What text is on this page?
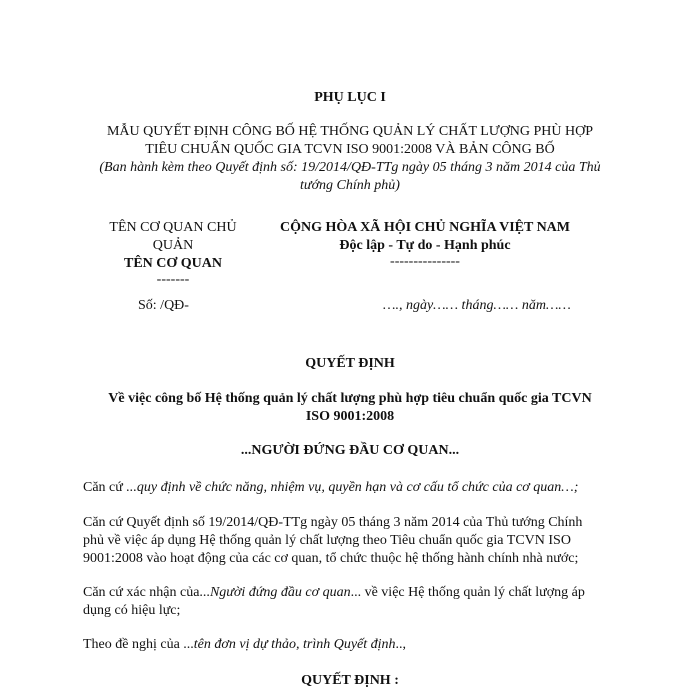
PHỤ LỤC I
MẪU QUYẾT ĐỊNH CÔNG BỐ HỆ THỐNG QUẢN LÝ CHẤT LƯỢNG PHÙ HỢP
TIÊU CHUẨN QUỐC GIA TCVN ISO 9001:2008 VÀ BẢN CÔNG BỐ
(Ban hành kèm theo Quyết định số: 19/2014/QĐ-TTg ngày 05 tháng 3 năm 2014 của Thủ
tướng Chính phủ)
TÊN CƠ QUAN CHỦ
QUẢN
TÊN CƠ QUAN
-------
Số: /QĐ-
CỘNG HÒA XÃ HỘI CHỦ NGHĨA VIỆT NAM
Độc lập - Tự do - Hạnh phúc
---------------
…., ngày…… tháng…… năm……
QUYẾT ĐỊNH
Về việc công bố Hệ thống quản lý chất lượng phù hợp tiêu chuẩn quốc gia TCVN
ISO 9001:2008
...NGƯỜI ĐỨNG ĐẦU CƠ QUAN...
Căn cứ ...quy định về chức năng, nhiệm vụ, quyền hạn và cơ cấu tổ chức của cơ quan…;
Căn cứ Quyết định số 19/2014/QĐ-TTg ngày 05 tháng 3 năm 2014 của Thủ tướng Chính
phủ về việc áp dụng Hệ thống quản lý chất lượng theo Tiêu chuẩn quốc gia TCVN ISO
9001:2008 vào hoạt động của các cơ quan, tổ chức thuộc hệ thống hành chính nhà nước;
Căn cứ xác nhận của...Người đứng đầu cơ quan... về việc Hệ thống quản lý chất lượng áp
dụng có hiệu lực;
Theo đề nghị của ...tên đơn vị dự thảo, trình Quyết định..,
QUYẾT ĐỊNH :
